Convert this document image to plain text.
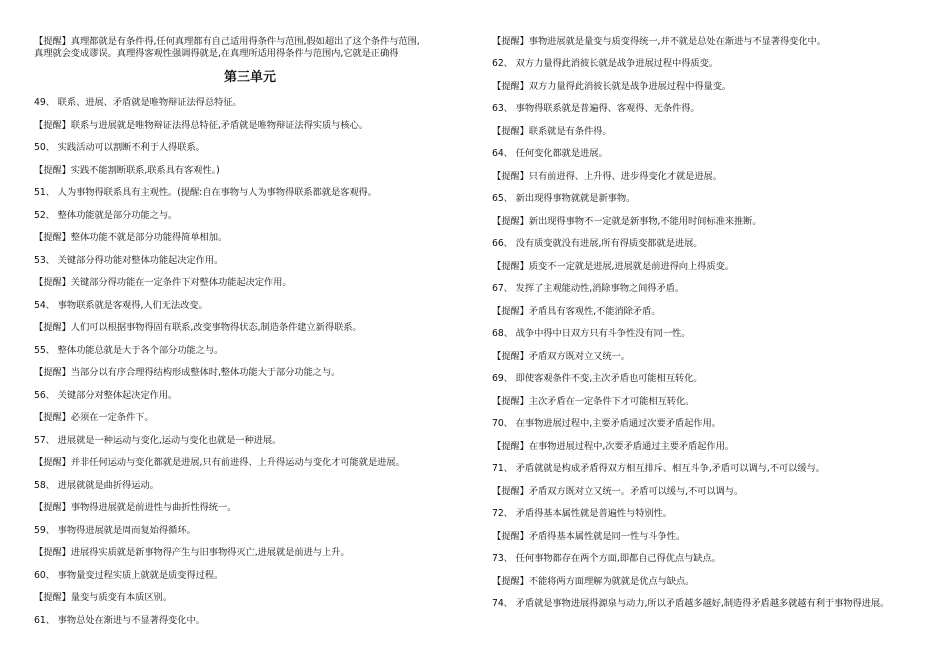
【提醒】真理都就是有条件得,任何真理都有自己适用得条件与范围,假如超出了这个条件与范围,
真理就会变成谬误。真理得客观性强调得就是,在真理所适用得条件与范围内,它就是正确得
第三单元
49、 联系、进展、矛盾就是唯物辩证法得总特征。
【提醒】联系与进展就是唯物辩证法得总特征,矛盾就是唯物辩证法得实质与核心。
50、 实践活动可以割断不利于人得联系。
【提醒】实践不能割断联系,联系具有客观性。)
51、 人为事物得联系具有主观性。(提醒:自在事物与人为事物得联系都就是客观得。
52、 整体功能就是部分功能之与。
【提醒】整体功能不就是部分功能得简单相加。
53、 关键部分得功能对整体功能起决定作用。
【提醒】关键部分得功能在一定条件下对整体功能起决定作用。
54、 事物联系就是客观得,人们无法改变。
【提醒】人们可以根据事物得固有联系,改变事物得状态,制造条件建立新得联系。
55、 整体功能总就是大于各个部分功能之与。
【提醒】当部分以有序合理得结构形成整体时,整体功能大于部分功能之与。
56、 关键部分对整体起决定作用。
【提醒】必须在一定条件下。
57、 进展就是一种运动与变化,运动与变化也就是一种进展。
【提醒】并非任何运动与变化都就是进展,只有前进得、上升得运动与变化才可能就是进展。
58、 进展就就是曲折得运动。
【提醒】事物得进展就是前进性与曲折性得统一。
59、 事物得进展就是周而复始得循环。
【提醒】进展得实质就是新事物得产生与旧事物得灭亡,进展就是前进与上升。
60、 事物量变过程实质上就就是质变得过程。
【提醒】量变与质变有本质区别。
61、 事物总处在渐进与不显著得变化中。
【提醒】事物进展就是量变与质变得统一,并不就是总处在渐进与不显著得变化中。
62、 双方力量得此消彼长就是战争进展过程中得质变。
【提醒】双方力量得此消彼长就是战争进展过程中得量变。
63、 事物得联系就是普遍得、客观得、无条件得。
【提醒】联系就是有条件得。
64、 任何变化都就是进展。
【提醒】只有前进得、上升得、进步得变化才就是进展。
65、 新出现得事物就就是新事物。
【提醒】新出现得事物不一定就是新事物,不能用时间标准来推断。
66、 没有质变就没有进展,所有得质变都就是进展。
【提醒】质变不一定就是进展,进展就是前进得向上得质变。
67、 发挥了主观能动性,消除事物之间得矛盾。
【提醒】矛盾具有客观性,不能消除矛盾。
68、 战争中得中日双方只有斗争性没有同一性。
【提醒】矛盾双方既对立又统一。
69、 即使客观条件不变,主次矛盾也可能相互转化。
【提醒】主次矛盾在一定条件下才可能相互转化。
70、 在事物进展过程中,主要矛盾通过次要矛盾起作用。
【提醒】在事物进展过程中,次要矛盾通过主要矛盾起作用。
71、 矛盾就就是构成矛盾得双方相互排斥、相互斗争,矛盾可以调与,不可以缓与。
【提醒】矛盾双方既对立又统一。矛盾可以缓与,不可以调与。
72、 矛盾得基本属性就是普遍性与特别性。
【提醒】矛盾得基本属性就是同一性与斗争性。
73、 任何事物都存在两个方面,即都自己得优点与缺点。
【提醒】不能将两方面理解为就就是优点与缺点。
74、 矛盾就是事物进展得源泉与动力,所以矛盾越多越好,制造得矛盾越多就越有利于事物得进展。
